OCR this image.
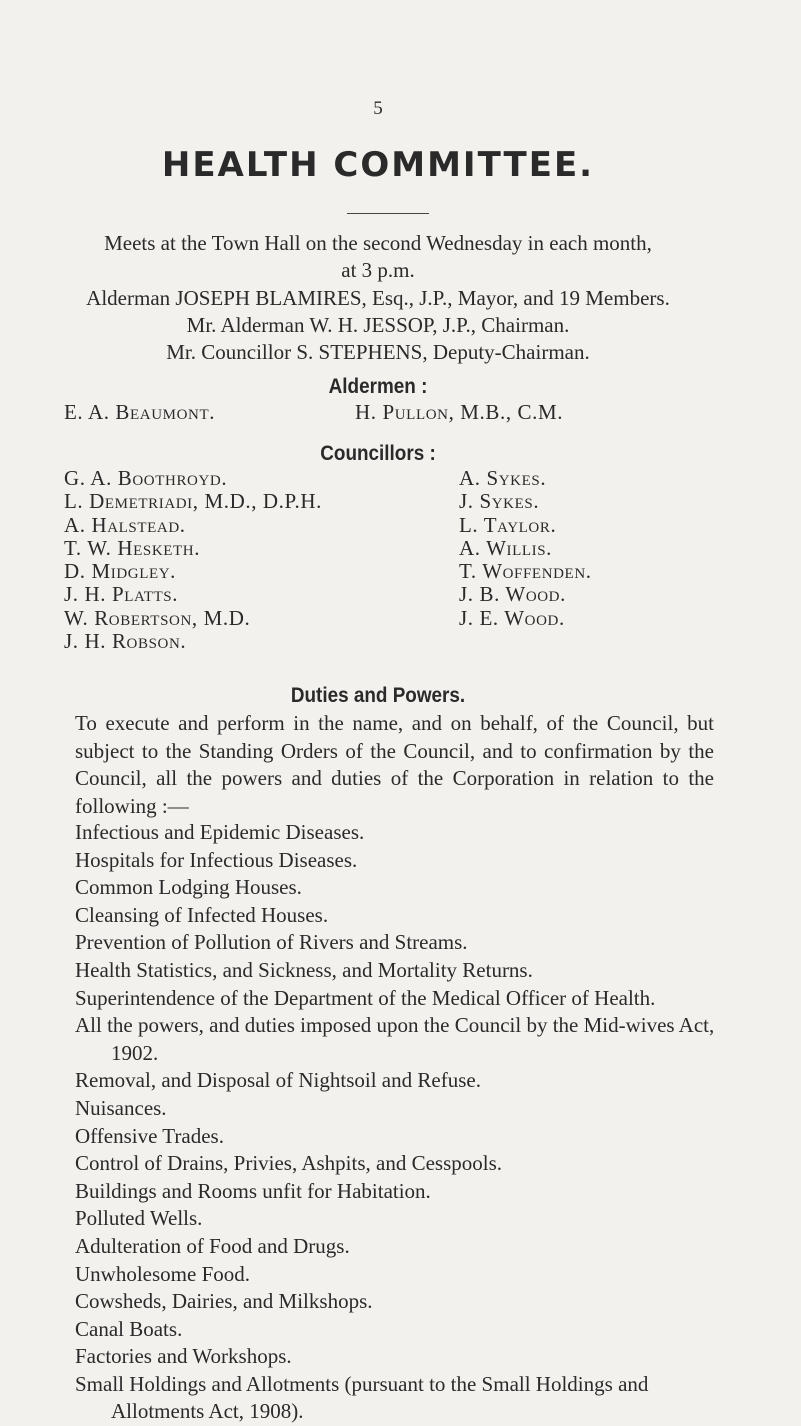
5
HEALTH COMMITTEE.
Meets at the Town Hall on the second Wednesday in each month,
at 3 p.m.
Alderman JOSEPH BLAMIRES, Esq., J.P., Mayor, and 19 Members.
Mr. Alderman W. H. JESSOP, J.P., Chairman.
Mr. Councillor S. STEPHENS, Deputy-Chairman.
Aldermen :
E. A. Beaumont.	H. Pullon, M.B., C.M.
Councillors :
G. A. Boothroyd.
L. Demetriadi, M.D., D.P.H.
A. Halstead.
T. W. Hesketh.
D. Midgley.
J. H. Platts.
W. Robertson, M.D.
J. H. Robson.
A. Sykes.
J. Sykes.
L. Taylor.
A. Willis.
T. Woffenden.
J. B. Wood.
J. E. Wood.
Duties and Powers.
To execute and perform in the name, and on behalf, of the Council, but subject to the Standing Orders of the Council, and to confirmation by the Council, all the powers and duties of the Corporation in relation to the following :—
Infectious and Epidemic Diseases.
Hospitals for Infectious Diseases.
Common Lodging Houses.
Cleansing of Infected Houses.
Prevention of Pollution of Rivers and Streams.
Health Statistics, and Sickness, and Mortality Returns.
Superintendence of the Department of the Medical Officer of Health.
All the powers, and duties imposed upon the Council by the Mid-wives Act, 1902.
Removal, and Disposal of Nightsoil and Refuse.
Nuisances.
Offensive Trades.
Control of Drains, Privies, Ashpits, and Cesspools.
Buildings and Rooms unfit for Habitation.
Polluted Wells.
Adulteration of Food and Drugs.
Unwholesome Food.
Cowsheds, Dairies, and Milkshops.
Canal Boats.
Factories and Workshops.
Small Holdings and Allotments (pursuant to the Small Holdings and Allotments Act, 1908).
